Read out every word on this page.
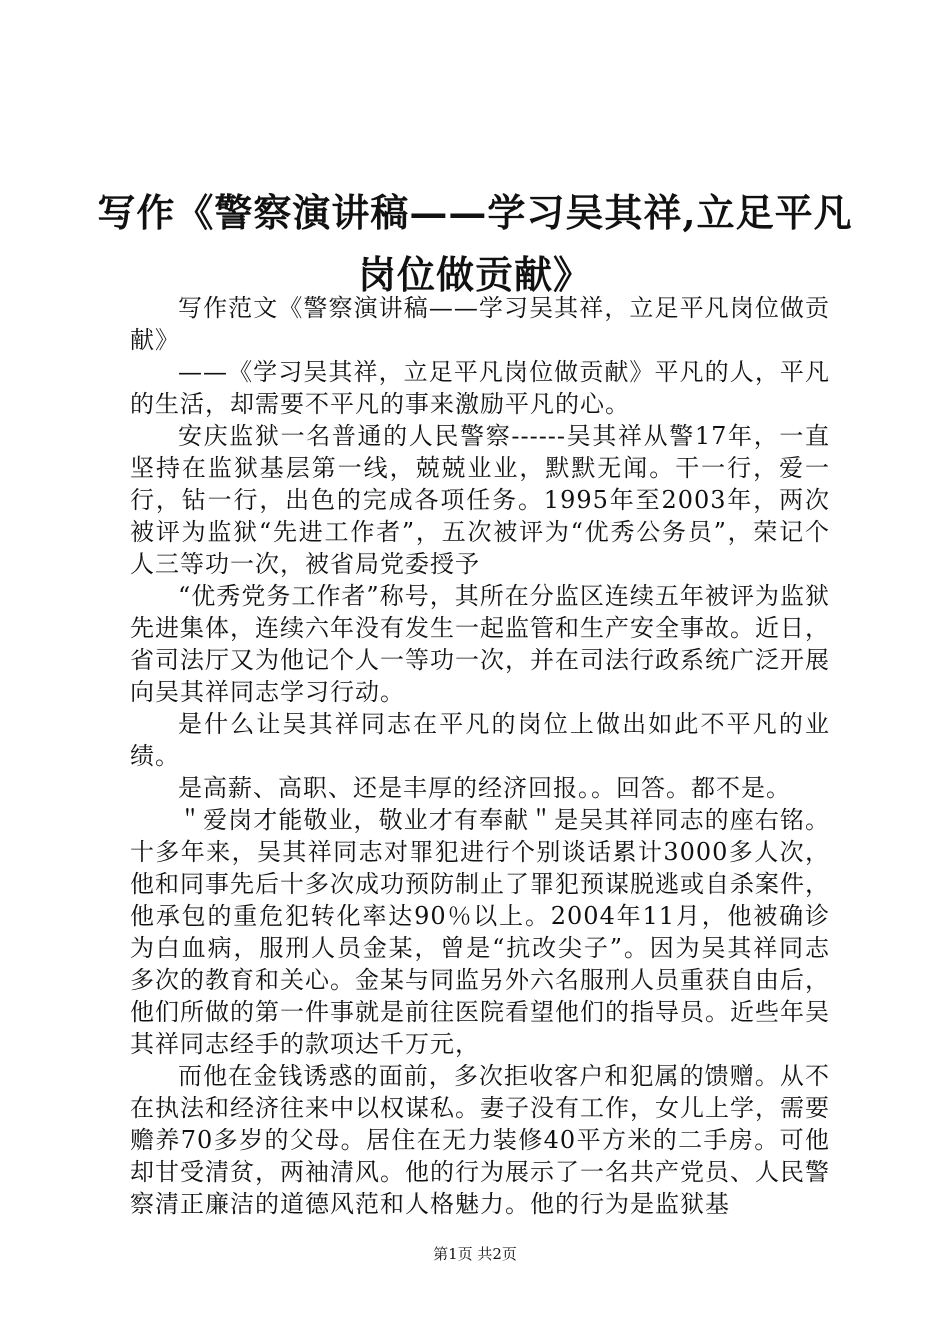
写作《警察演讲稿——学习吴其祥,立足平凡
岗位做贡献》

写作范文《警察演讲稿——学习吴其祥，立足平凡岗位做贡献》

——《学习吴其祥，立足平凡岗位做贡献》平凡的人，平凡的生活，却需要不平凡的事来激励平凡的心。

安庆监狱一名普通的人民警察------吴其祥从警17年，一直坚持在监狱基层第一线，兢兢业业，默默无闻。干一行，爱一行，钻一行，出色的完成各项任务。1995年至2003年，两次被评为监狱“先进工作者”，五次被评为“优秀公务员”，荣记个人三等功一次，被省局党委授予

“优秀党务工作者”称号，其所在分监区连续五年被评为监狱先进集体，连续六年没有发生一起监管和生产安全事故。近日，省司法厅又为他记个人一等功一次，并在司法行政系统广泛开展向吴其祥同志学习行动。

是什么让吴其祥同志在平凡的岗位上做出如此不平凡的业绩。

是高薪、高职、还是丰厚的经济回报。。回答。都不是。

＂爱岗才能敬业，敬业才有奉献＂是吴其祥同志的座右铭。十多年来，吴其祥同志对罪犯进行个别谈话累计3000多人次，他和同事先后十多次成功预防制止了罪犯预谋脱逃或自杀案件，他承包的重危犯转化率达90％以上。2004年11月，他被确诊为白血病，服刑人员金某，曾是“抗改尖子”。因为吴其祥同志多次的教育和关心。金某与同监另外六名服刑人员重获自由后，他们所做的第一件事就是前往医院看望他们的指导员。近些年吴其祥同志经手的款项达千万元，

而他在金钱诱惑的面前，多次拒收客户和犯属的馈赠。从不在执法和经济往来中以权谋私。妻子没有工作，女儿上学，需要赡养70多岁的父母。居住在无力装修40平方米的二手房。可他却甘受清贫，两袖清风。他的行为展示了一名共产党员、人民警察清正廉洁的道德风范和人格魅力。他的行为是监狱基

第1页 共2页
